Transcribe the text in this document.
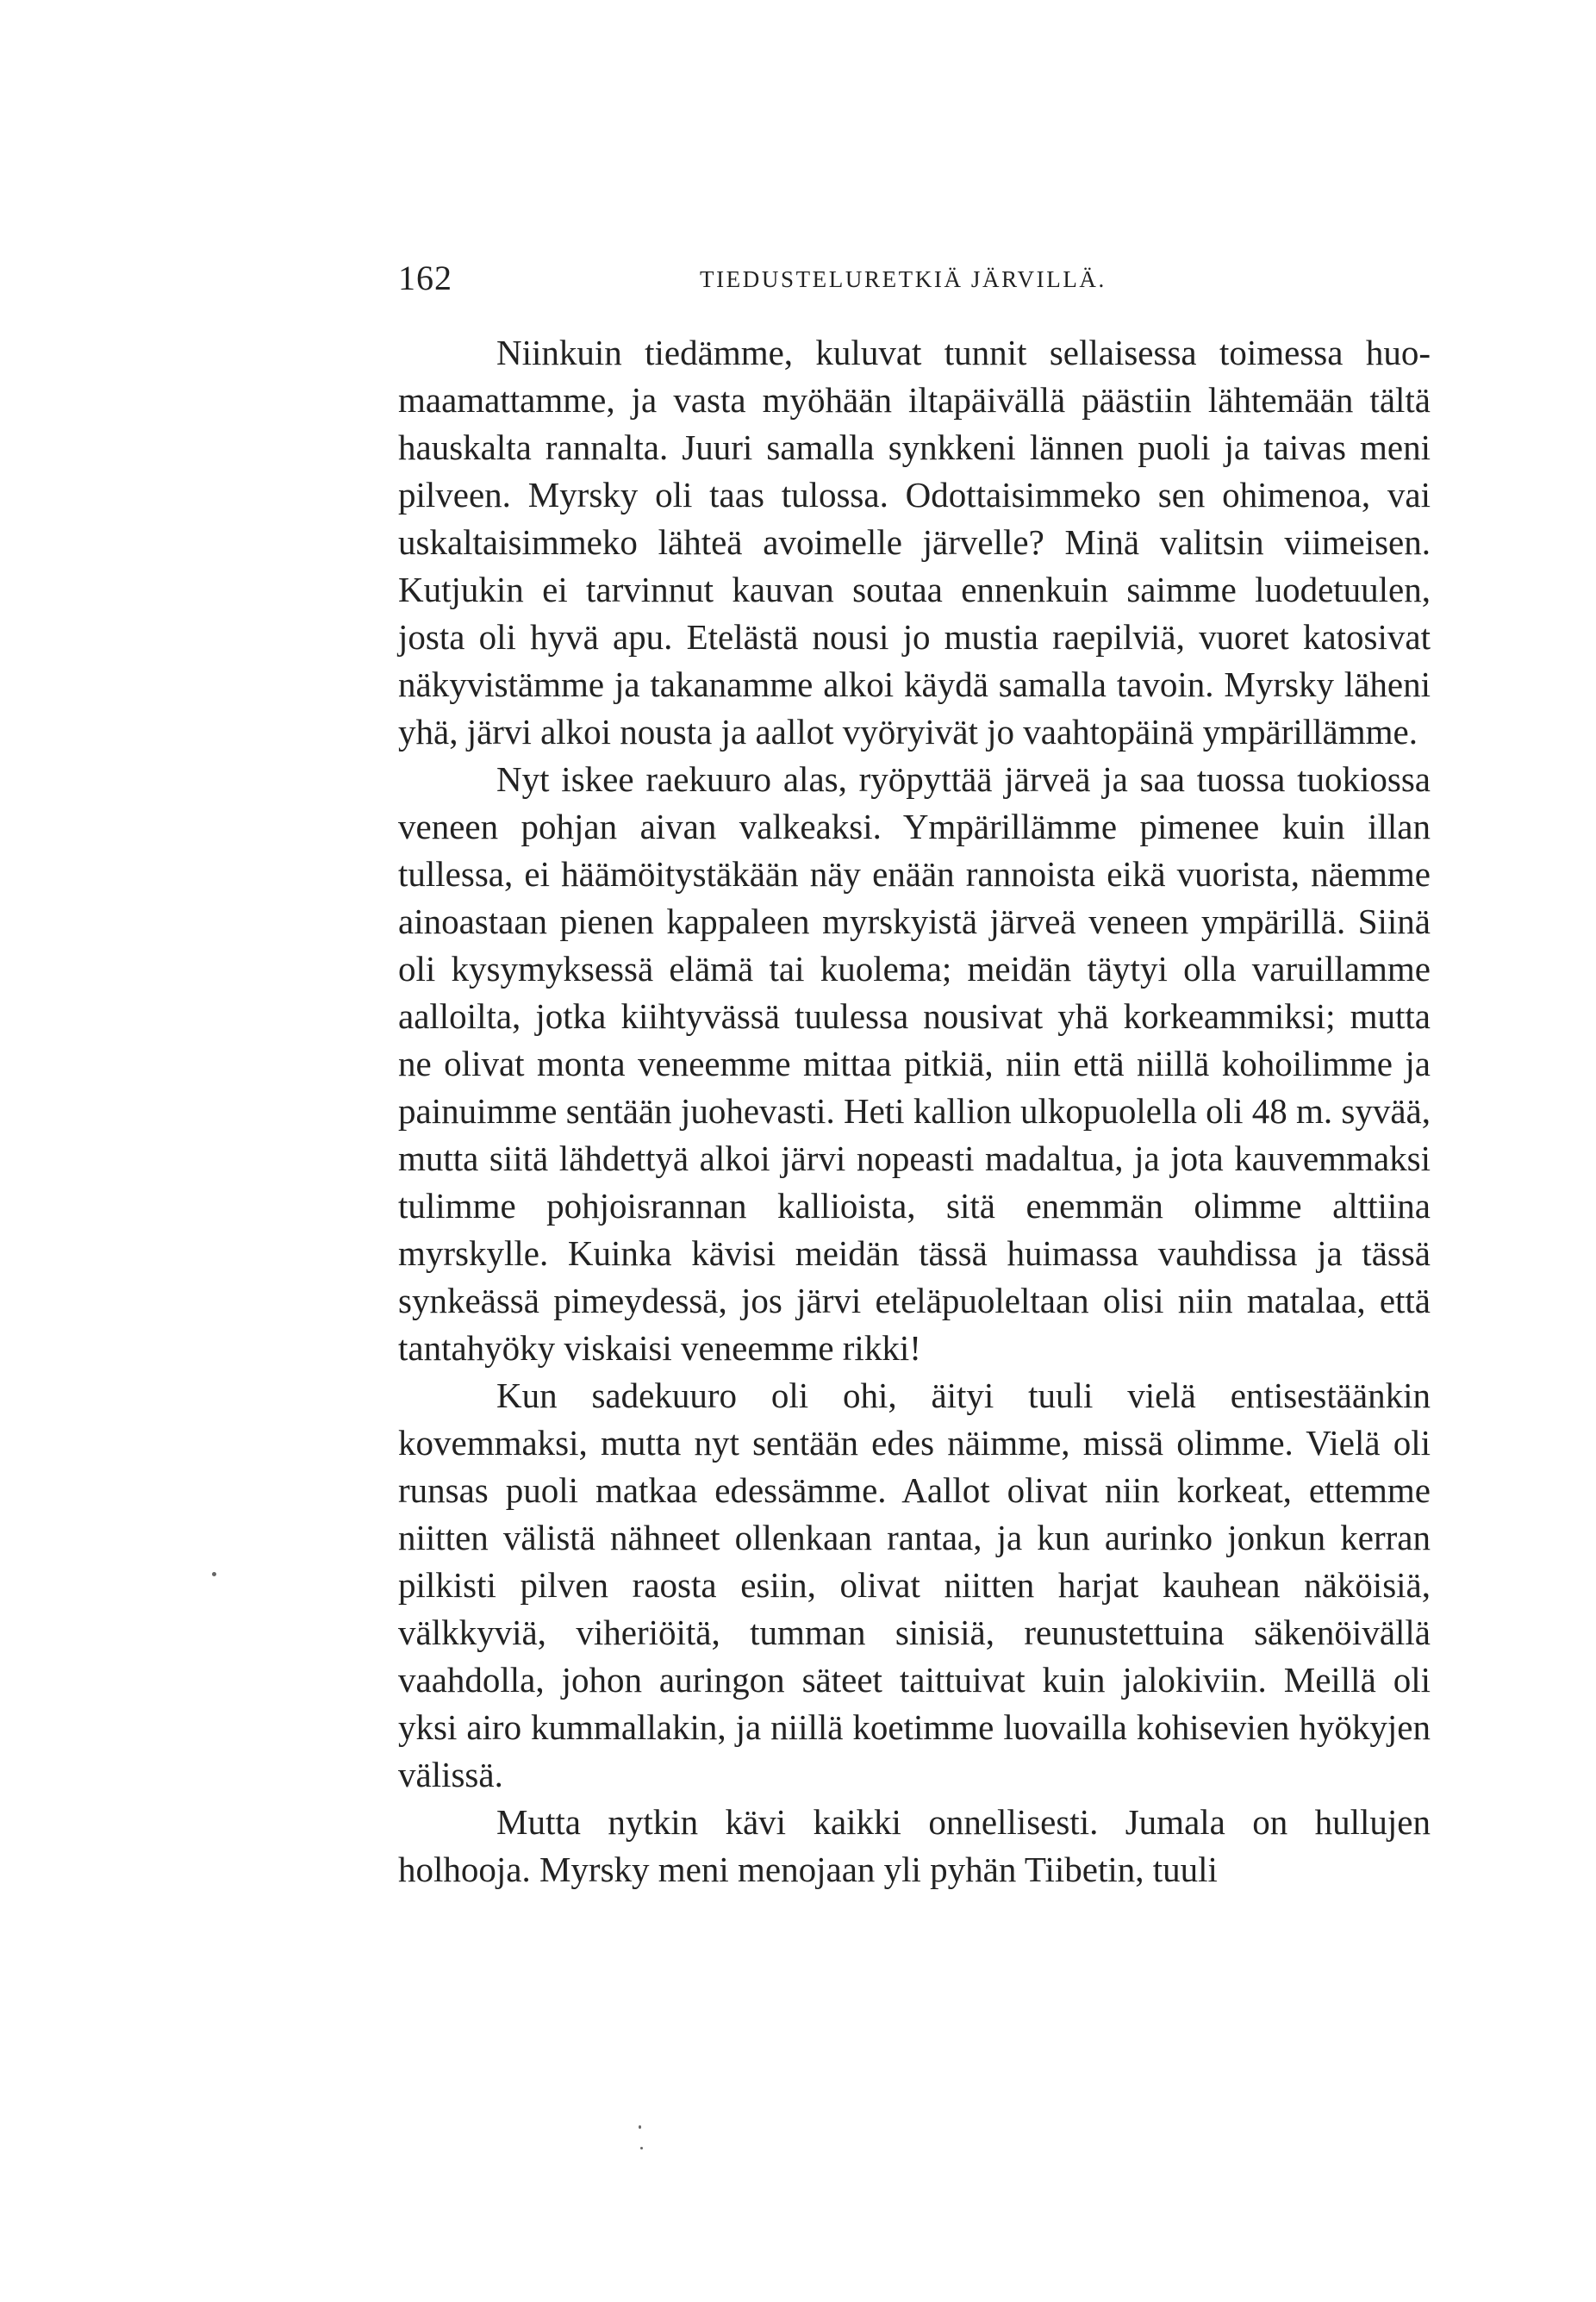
162	TIEDUSTELURETKIÄ JÄRVILLÄ.

Niinkuin tiedämme, kuluvat tunnit sellaisessa toimessa huomaamattamme, ja vasta myöhään iltapäivällä päästiin lähtemään tältä hauskalta rannalta. Juuri samalla synkkeni lännen puoli ja taivas meni pilveen. Myrsky oli taas tulossa. Odottaisimmeko sen ohimenoa, vai uskaltaisimmeko lähteä avoimelle järvelle? Minä valitsin viimeisen. Kutjukin ei tarvinnut kauvan soutaa ennenkuin saimme luodetuulen, josta oli hyvä apu. Etelästä nousi jo mustia raepilviä, vuoret katosivat näkyvistämme ja takanamme alkoi käydä samalla tavoin. Myrsky läheni yhä, järvi alkoi nousta ja aallot vyöryivät jo vaahtopäinä ympärillämme.

Nyt iskee raekuuro alas, ryöpyttää järveä ja saa tuossa tuokiossa veneen pohjan aivan valkeaksi. Ympärillämme pimenee kuin illan tullessa, ei häämöitystäkään näy enään rannoista eikä vuorista, näemme ainoastaan pienen kappaleen myrskyistä järveä veneen ympärillä. Siinä oli kysymyksessä elämä tai kuolema; meidän täytyi olla varuillamme aalloilta, jotka kiihtyvässä tuulessa nousivat yhä korkeammiksi; mutta ne olivat monta veneemme mittaa pitkiä, niin että niillä kohoilimme ja painuimme sentään juohevasti. Heti kallion ulkopuolella oli 48 m. syvää, mutta siitä lähdettyä alkoi järvi nopeasti madaltua, ja jota kauvemmaksi tulimme pohjoisrannan kallioista, sitä enemmän olimme alttiina myrskylle. Kuinka kävisi meidän tässä huimassa vauhdissa ja tässä synkeässä pimeydessä, jos järvi eteläpuoleltaan olisi niin matalaa, että tantahyöky viskaisi veneemme rikki!

Kun sadekuuro oli ohi, äityi tuuli vielä entisestäänkin kovemmaksi, mutta nyt sentään edes näimme, missä olimme. Vielä oli runsas puoli matkaa edessämme. Aallot olivat niin korkeat, ettemme niitten välistä nähneet ollenkaan rantaa, ja kun aurinko jonkun kerran pilkisti pilven raosta esiin, olivat niitten harjat kauhean näköisiä, välkkyviä, viheriöitä, tumman sinisiä, reunustettuina säkenöivällä vaahdolla, johon auringon säteet taittuivat kuin jalokiviin. Meillä oli yksi airo kummallakin, ja niillä koetimme luovailla kohisevien hyökyjen välissä.

Mutta nytkin kävi kaikki onnellisesti. Jumala on hullujen holhooja. Myrsky meni menojaan yli pyhän Tiibetin, tuuli
